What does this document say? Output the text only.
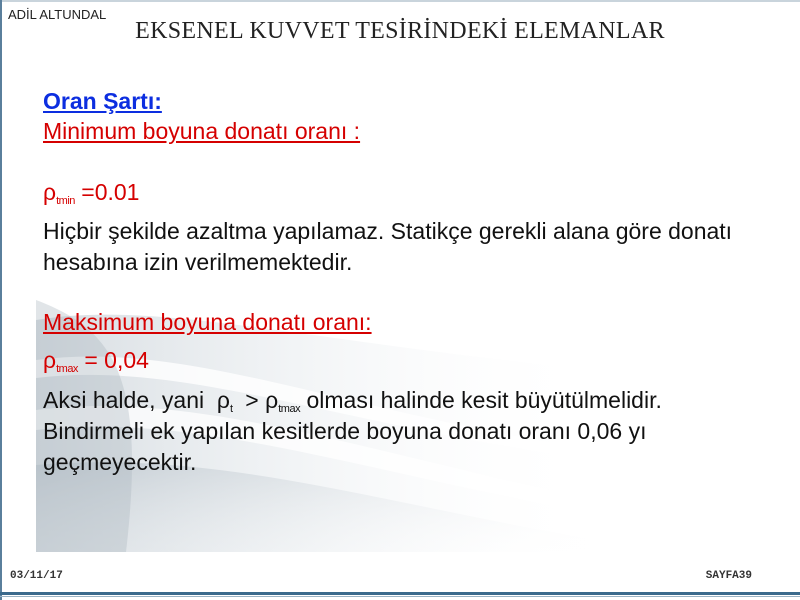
ADİL ALTUNDAL
EKSENEL KUVVET TESİRİNDEKİ ELEMANLAR
Oran Şartı:
Minimum boyuna donatı oranı :
$\rho_{tmin} =0.01$
Hiçbir şekilde azaltma yapılamaz. Statikçe gerekli alana göre donatı hesabına izin verilmemektedir.
Maksimum boyuna donatı oranı:
$\rho_{tmax} = 0,04$
Aksi halde, yani  $\rho_t > \rho_{tmax}$ olması halinde kesit büyütülmelidir.
Bindirmeli ek yapılan kesitlerde boyuna donatı oranı 0,06 yı geçmeyecektir.
03/11/17	SAYFA39
